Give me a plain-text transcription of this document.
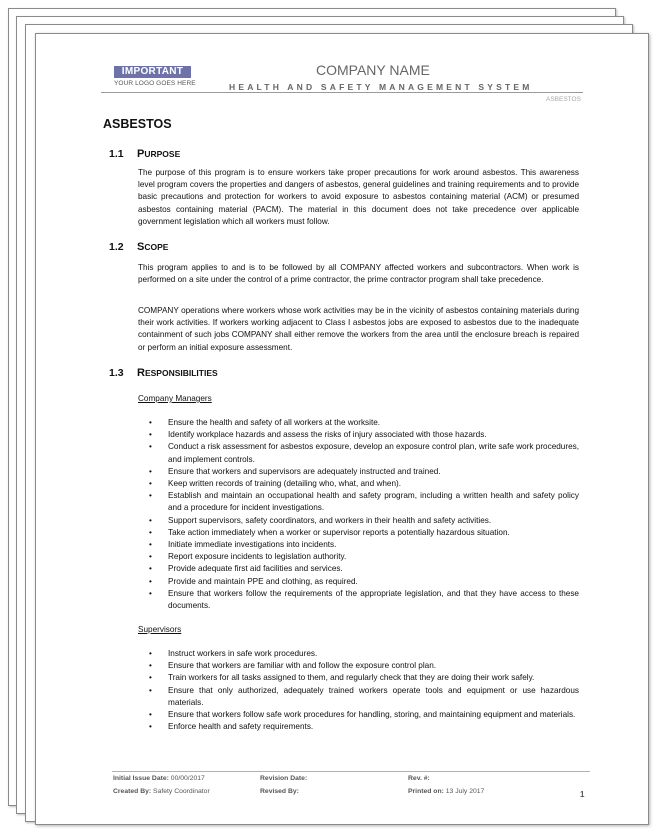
IMPORTANT
YOUR LOGO GOES HERE
COMPANY NAME
HEALTH AND SAFETY MANAGEMENT SYSTEM
ASBESTOS
ASBESTOS
1.1 PURPOSE
The purpose of this program is to ensure workers take proper precautions for work around asbestos. This awareness level program covers the properties and dangers of asbestos, general guidelines and training requirements and to provide basic precautions and protection for workers to avoid exposure to asbestos containing material (ACM) or presumed asbestos containing material (PACM). The material in this document does not take precedence over applicable government legislation which all workers must follow.
1.2 SCOPE
This program applies to and is to be followed by all COMPANY affected workers and subcontractors. When work is performed on a site under the control of a prime contractor, the prime contractor program shall take precedence.
COMPANY operations where workers whose work activities may be in the vicinity of asbestos containing materials during their work activities. If workers working adjacent to Class I asbestos jobs are exposed to asbestos due to the inadequate containment of such jobs COMPANY shall either remove the workers from the area until the enclosure breach is repaired or perform an initial exposure assessment.
1.3 RESPONSIBILITIES
Company Managers
• Ensure the health and safety of all workers at the worksite.
• Identify workplace hazards and assess the risks of injury associated with those hazards.
• Conduct a risk assessment for asbestos exposure, develop an exposure control plan, write safe work procedures, and implement controls.
• Ensure that workers and supervisors are adequately instructed and trained.
• Keep written records of training (detailing who, what, and when).
• Establish and maintain an occupational health and safety program, including a written health and safety policy and a procedure for incident investigations.
• Support supervisors, safety coordinators, and workers in their health and safety activities.
• Take action immediately when a worker or supervisor reports a potentially hazardous situation.
• Initiate immediate investigations into incidents.
• Report exposure incidents to legislation authority.
• Provide adequate first aid facilities and services.
• Provide and maintain PPE and clothing, as required.
• Ensure that workers follow the requirements of the appropriate legislation, and that they have access to these documents.
Supervisors
• Instruct workers in safe work procedures.
• Ensure that workers are familiar with and follow the exposure control plan.
• Train workers for all tasks assigned to them, and regularly check that they are doing their work safely.
• Ensure that only authorized, adequately trained workers operate tools and equipment or use hazardous materials.
• Ensure that workers follow safe work procedures for handling, storing, and maintaining equipment and materials.
• Enforce health and safety requirements.
Initial Issue Date: 00/00/2017
Created By: Safety Coordinator
Revision Date:
Revised By:
Rev. #:
Printed on: 13 July 2017	1
